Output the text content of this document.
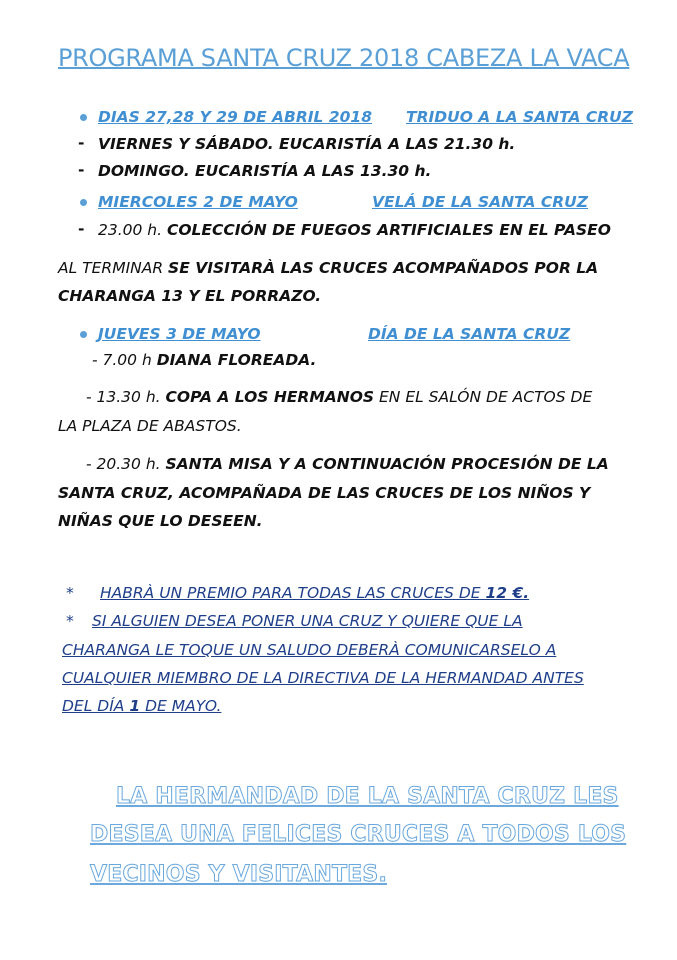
PROGRAMA SANTA CRUZ 2018 CABEZA LA VACA
DIAS 27,28 Y 29 DE ABRIL 2018 TRIDUO A LA SANTA CRUZ
- VIERNES Y SÁBADO. EUCARISTÍA A LAS 21.30 h.
- DOMINGO. EUCARISTÍA A LAS 13.30 h.
MIERCOLES 2 DE MAYO	VELÁ DE LA SANTA CRUZ
- 23.00 h. COLECCIÓN DE FUEGOS ARTIFICIALES EN EL PASEO
AL TERMINAR SE VISITARÀ LAS CRUCES ACOMPAÑADOS POR LA
CHARANGA 13 Y EL PORRAZO.
JUEVES 3 DE MAYO	DÍA DE LA SANTA CRUZ
- 7.00 h DIANA FLOREADA.
- 13.30 h. COPA A LOS HERMANOS EN EL SALÓN DE ACTOS DE
LA PLAZA DE ABASTOS.
- 20.30 h. SANTA MISA Y A CONTINUACIÓN PROCESIÓN DE LA
SANTA CRUZ, ACOMPAÑADA DE LAS CRUCES DE LOS NIÑOS Y
NIÑAS QUE LO DESEEN.
* HABRÀ UN PREMIO PARA TODAS LAS CRUCES DE 12 €.
* SI ALGUIEN DESEA PONER UNA CRUZ Y QUIERE QUE LA
CHARANGA LE TOQUE UN SALUDO DEBERÀ COMUNICARSELO A
CUALQUIER MIEMBRO DE LA DIRECTIVA DE LA HERMANDAD ANTES
DEL DÍA 1 DE MAYO.
LA HERMANDAD DE LA SANTA CRUZ LES
DESEA UNA FELICES CRUCES A TODOS LOS
VECINOS Y VISITANTES.
